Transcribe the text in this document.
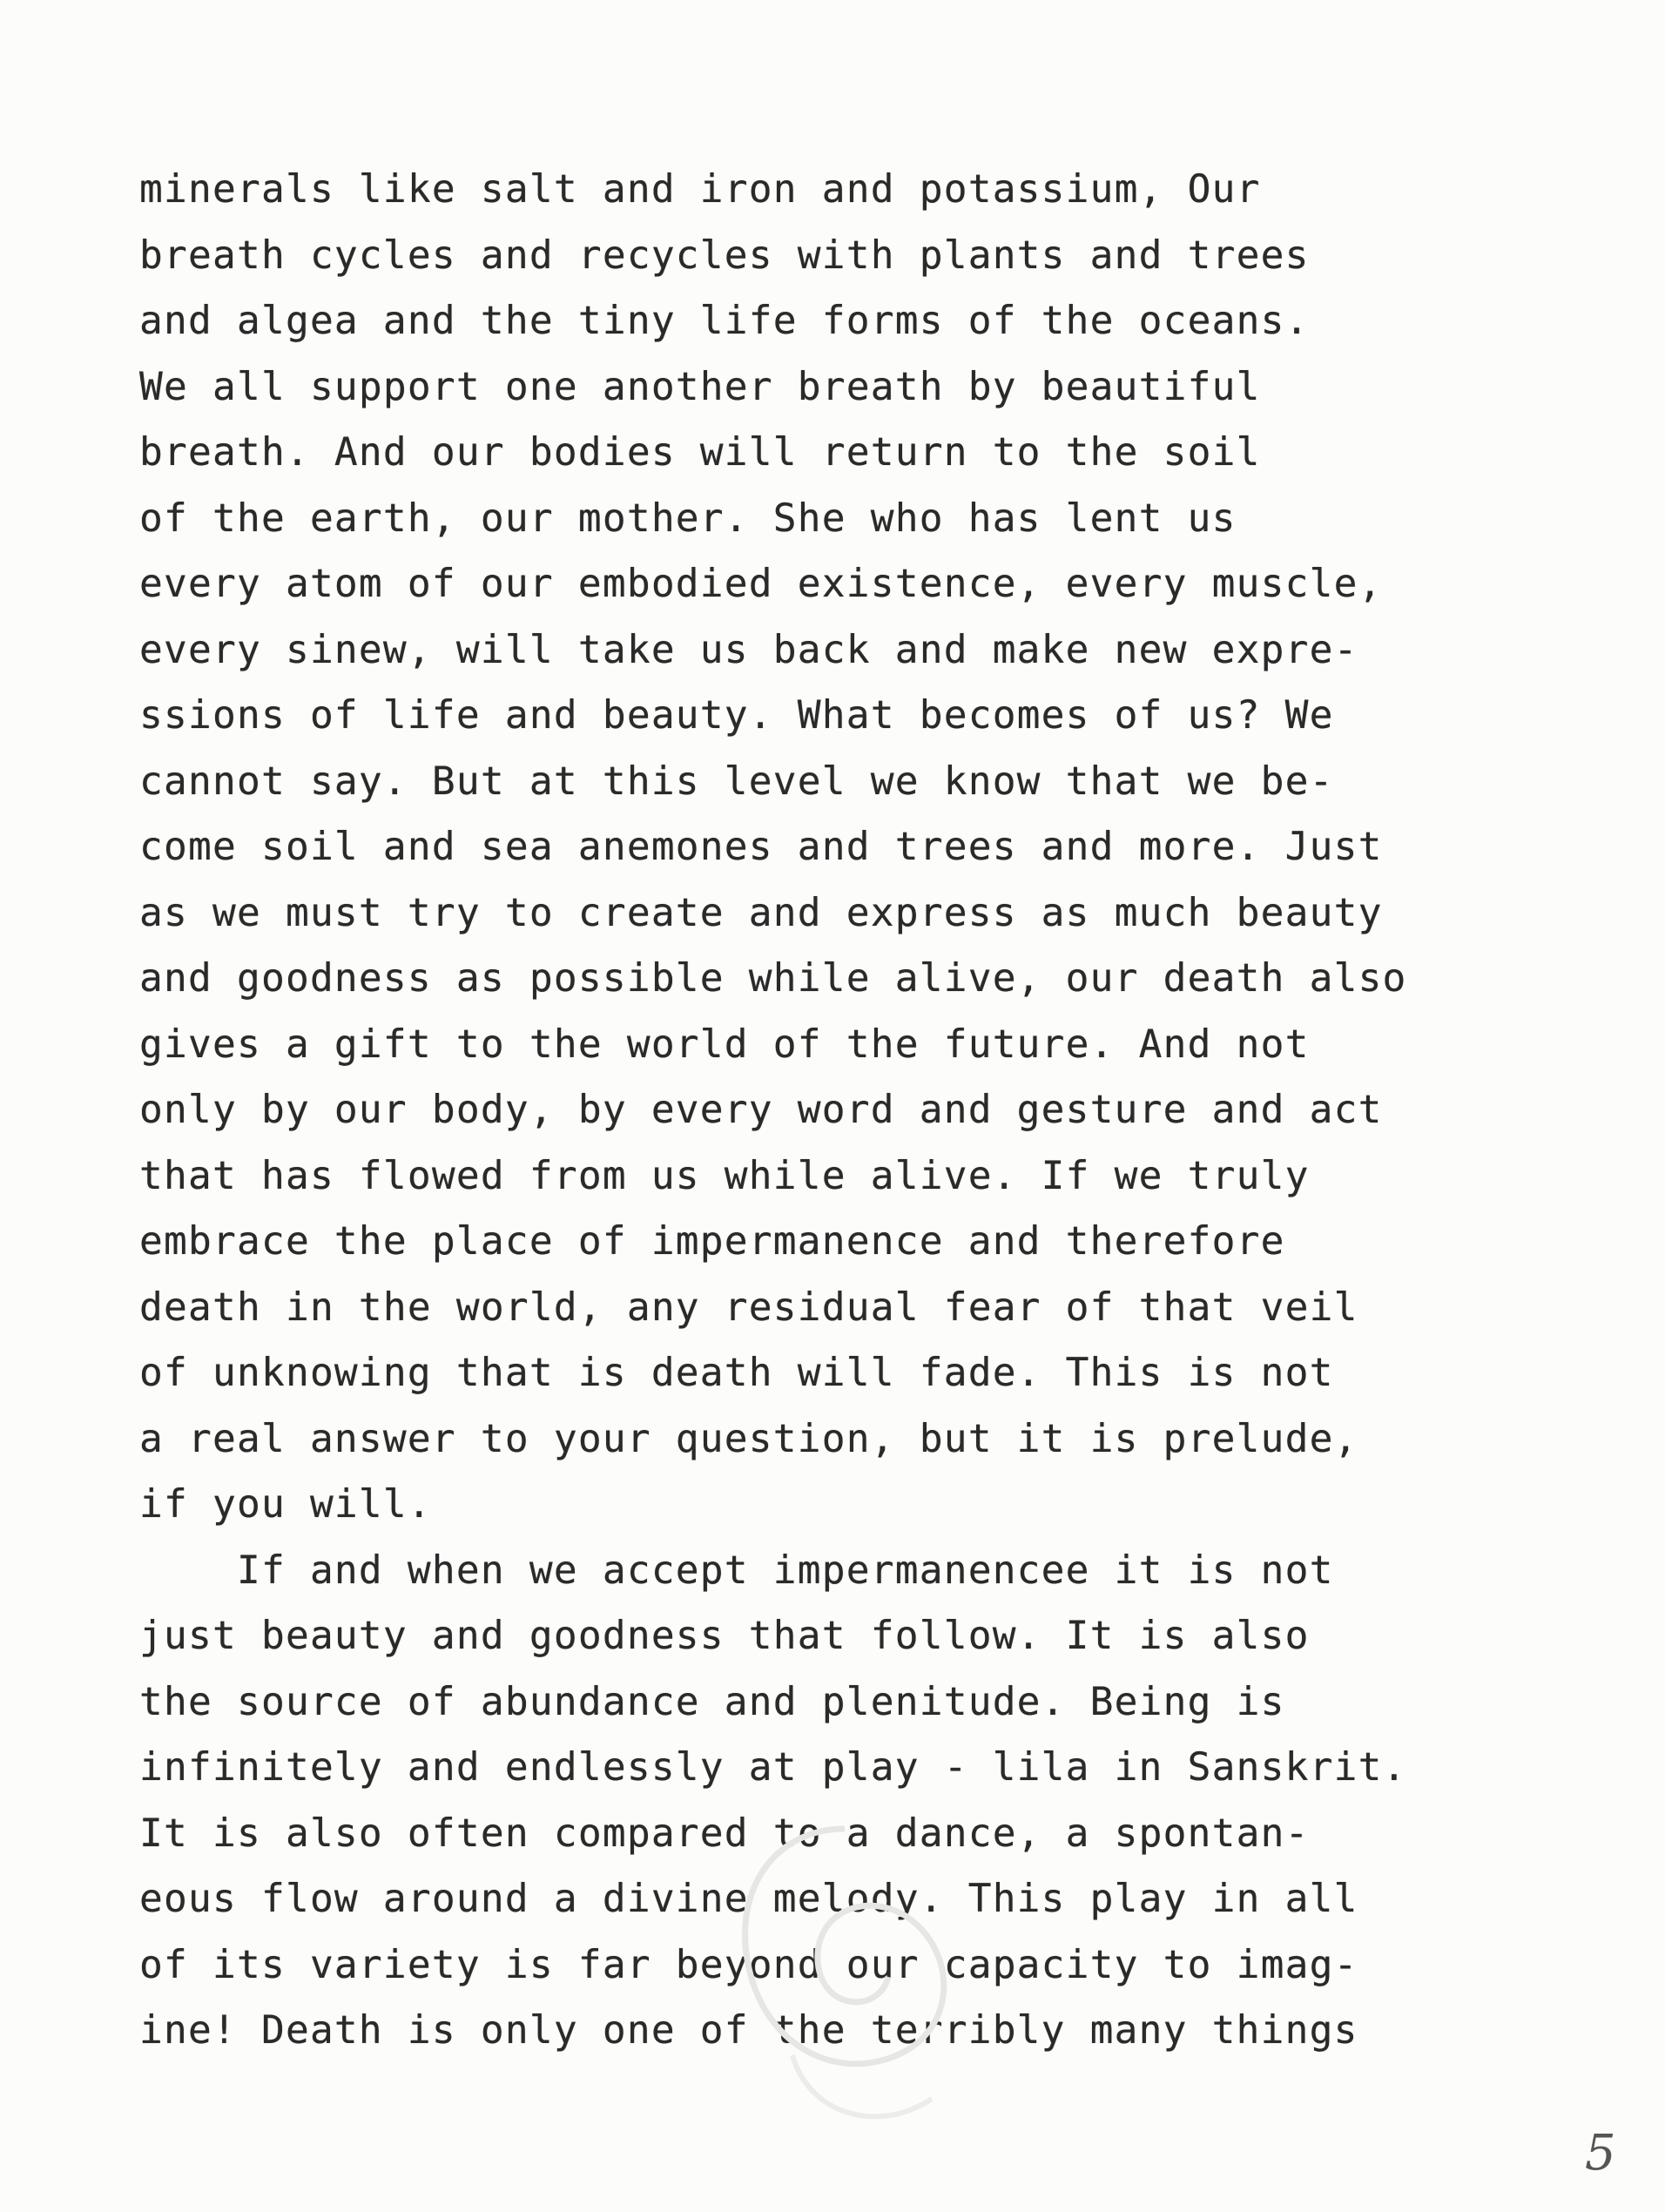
minerals like salt and iron and potassium, Our
breath cycles and recycles with plants and trees
and algea and the tiny life forms of the oceans.
We all support one another breath by beautiful
breath. And our bodies will return to the soil
of the earth, our mother. She who has lent us
every atom of our embodied existence, every muscle,
every sinew, will take us back and make new expre-
ssions of life and beauty. What becomes of us? We
cannot say. But at this level we know that we be-
come soil and sea anemones and trees and more. Just
as we must try to create and express as much beauty
and goodness as possible while alive, our death also
gives a gift to the world of the future. And not
only by our body, by every word and gesture and act
that has flowed from us while alive. If we truly
embrace the place of impermanence and therefore
death in the world, any residual fear of that veil
of unknowing that is death will fade. This is not
a real answer to your question, but it is prelude,
if you will.
If and when we accept impermanencee it is not
just beauty and goodness that follow. It is also
the source of abundance and plenitude. Being is
infinitely and endlessly at play - lila in Sanskrit.
It is also often compared to a dance, a spontan-
eous flow around a divine melody. This play in all
of its variety is far beyond our capacity to imag-
ine! Death is only one of the terribly many things
5
